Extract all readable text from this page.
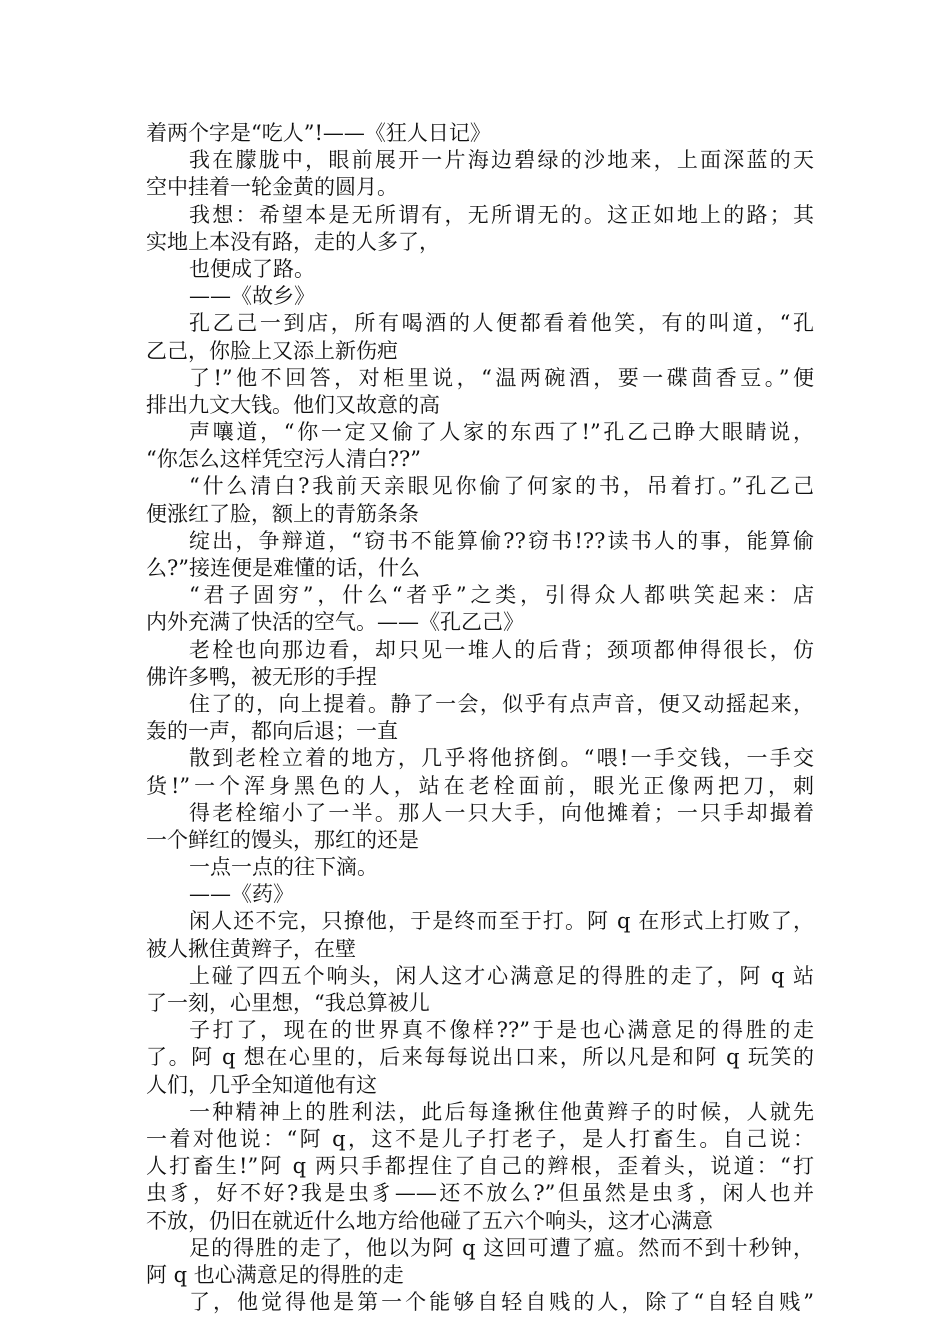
着两个字是“吃人”!——《狂人日记》
我在朦胧中，眼前展开一片海边碧绿的沙地来，上面深蓝的天
空中挂着一轮金黄的圆月。
我想：希望本是无所谓有，无所谓无的。这正如地上的路；其
实地上本没有路，走的人多了，
也便成了路。
——《故乡》
孔乙己一到店，所有喝酒的人便都看着他笑，有的叫道，“孔
乙己，你脸上又添上新伤疤
了!”他不回答，对柜里说，“温两碗酒，要一碟茴香豆。”便
排出九文大钱。他们又故意的高
声嚷道，“你一定又偷了人家的东西了!”孔乙己睁大眼睛说，
“你怎么这样凭空污人清白??”
“什么清白?我前天亲眼见你偷了何家的书，吊着打。”孔乙己
便涨红了脸，额上的青筋条条
绽出，争辩道，“窃书不能算偷??窃书!??读书人的事，能算偷
么?”接连便是难懂的话，什么
“君子固穷”，什么“者乎”之类，引得众人都哄笑起来：店
内外充满了快活的空气。——《孔乙己》
老栓也向那边看，却只见一堆人的后背；颈项都伸得很长，仿
佛许多鸭，被无形的手捏
住了的，向上提着。静了一会，似乎有点声音，便又动摇起来，
轰的一声，都向后退；一直
散到老栓立着的地方，几乎将他挤倒。“喂!一手交钱，一手交
货!”一个浑身黑色的人，站在老栓面前，眼光正像两把刀，刺
得老栓缩小了一半。那人一只大手，向他摊着；一只手却撮着
一个鲜红的馒头，那红的还是
一点一点的往下滴。
——《药》
闲人还不完，只撩他，于是终而至于打。阿 q 在形式上打败了，
被人揪住黄辫子，在壁
上碰了四五个响头，闲人这才心满意足的得胜的走了，阿 q 站
了一刻，心里想，“我总算被儿
子打了，现在的世界真不像样??”于是也心满意足的得胜的走
了。阿 q 想在心里的，后来每每说出口来，所以凡是和阿 q 玩笑的
人们，几乎全知道他有这
一种精神上的胜利法，此后每逢揪住他黄辫子的时候，人就先
一着对他说：“阿 q，这不是儿子打老子，是人打畜生。自己说：
人打畜生!”阿 q 两只手都捏住了自己的辫根，歪着头，说道：“打
虫豸，好不好?我是虫豸——还不放么?”但虽然是虫豸，闲人也并
不放，仍旧在就近什么地方给他碰了五六个响头，这才心满意
足的得胜的走了，他以为阿 q 这回可遭了瘟。然而不到十秒钟，
阿 q 也心满意足的得胜的走
了，他觉得他是第一个能够自轻自贱的人，除了“自轻自贱”
